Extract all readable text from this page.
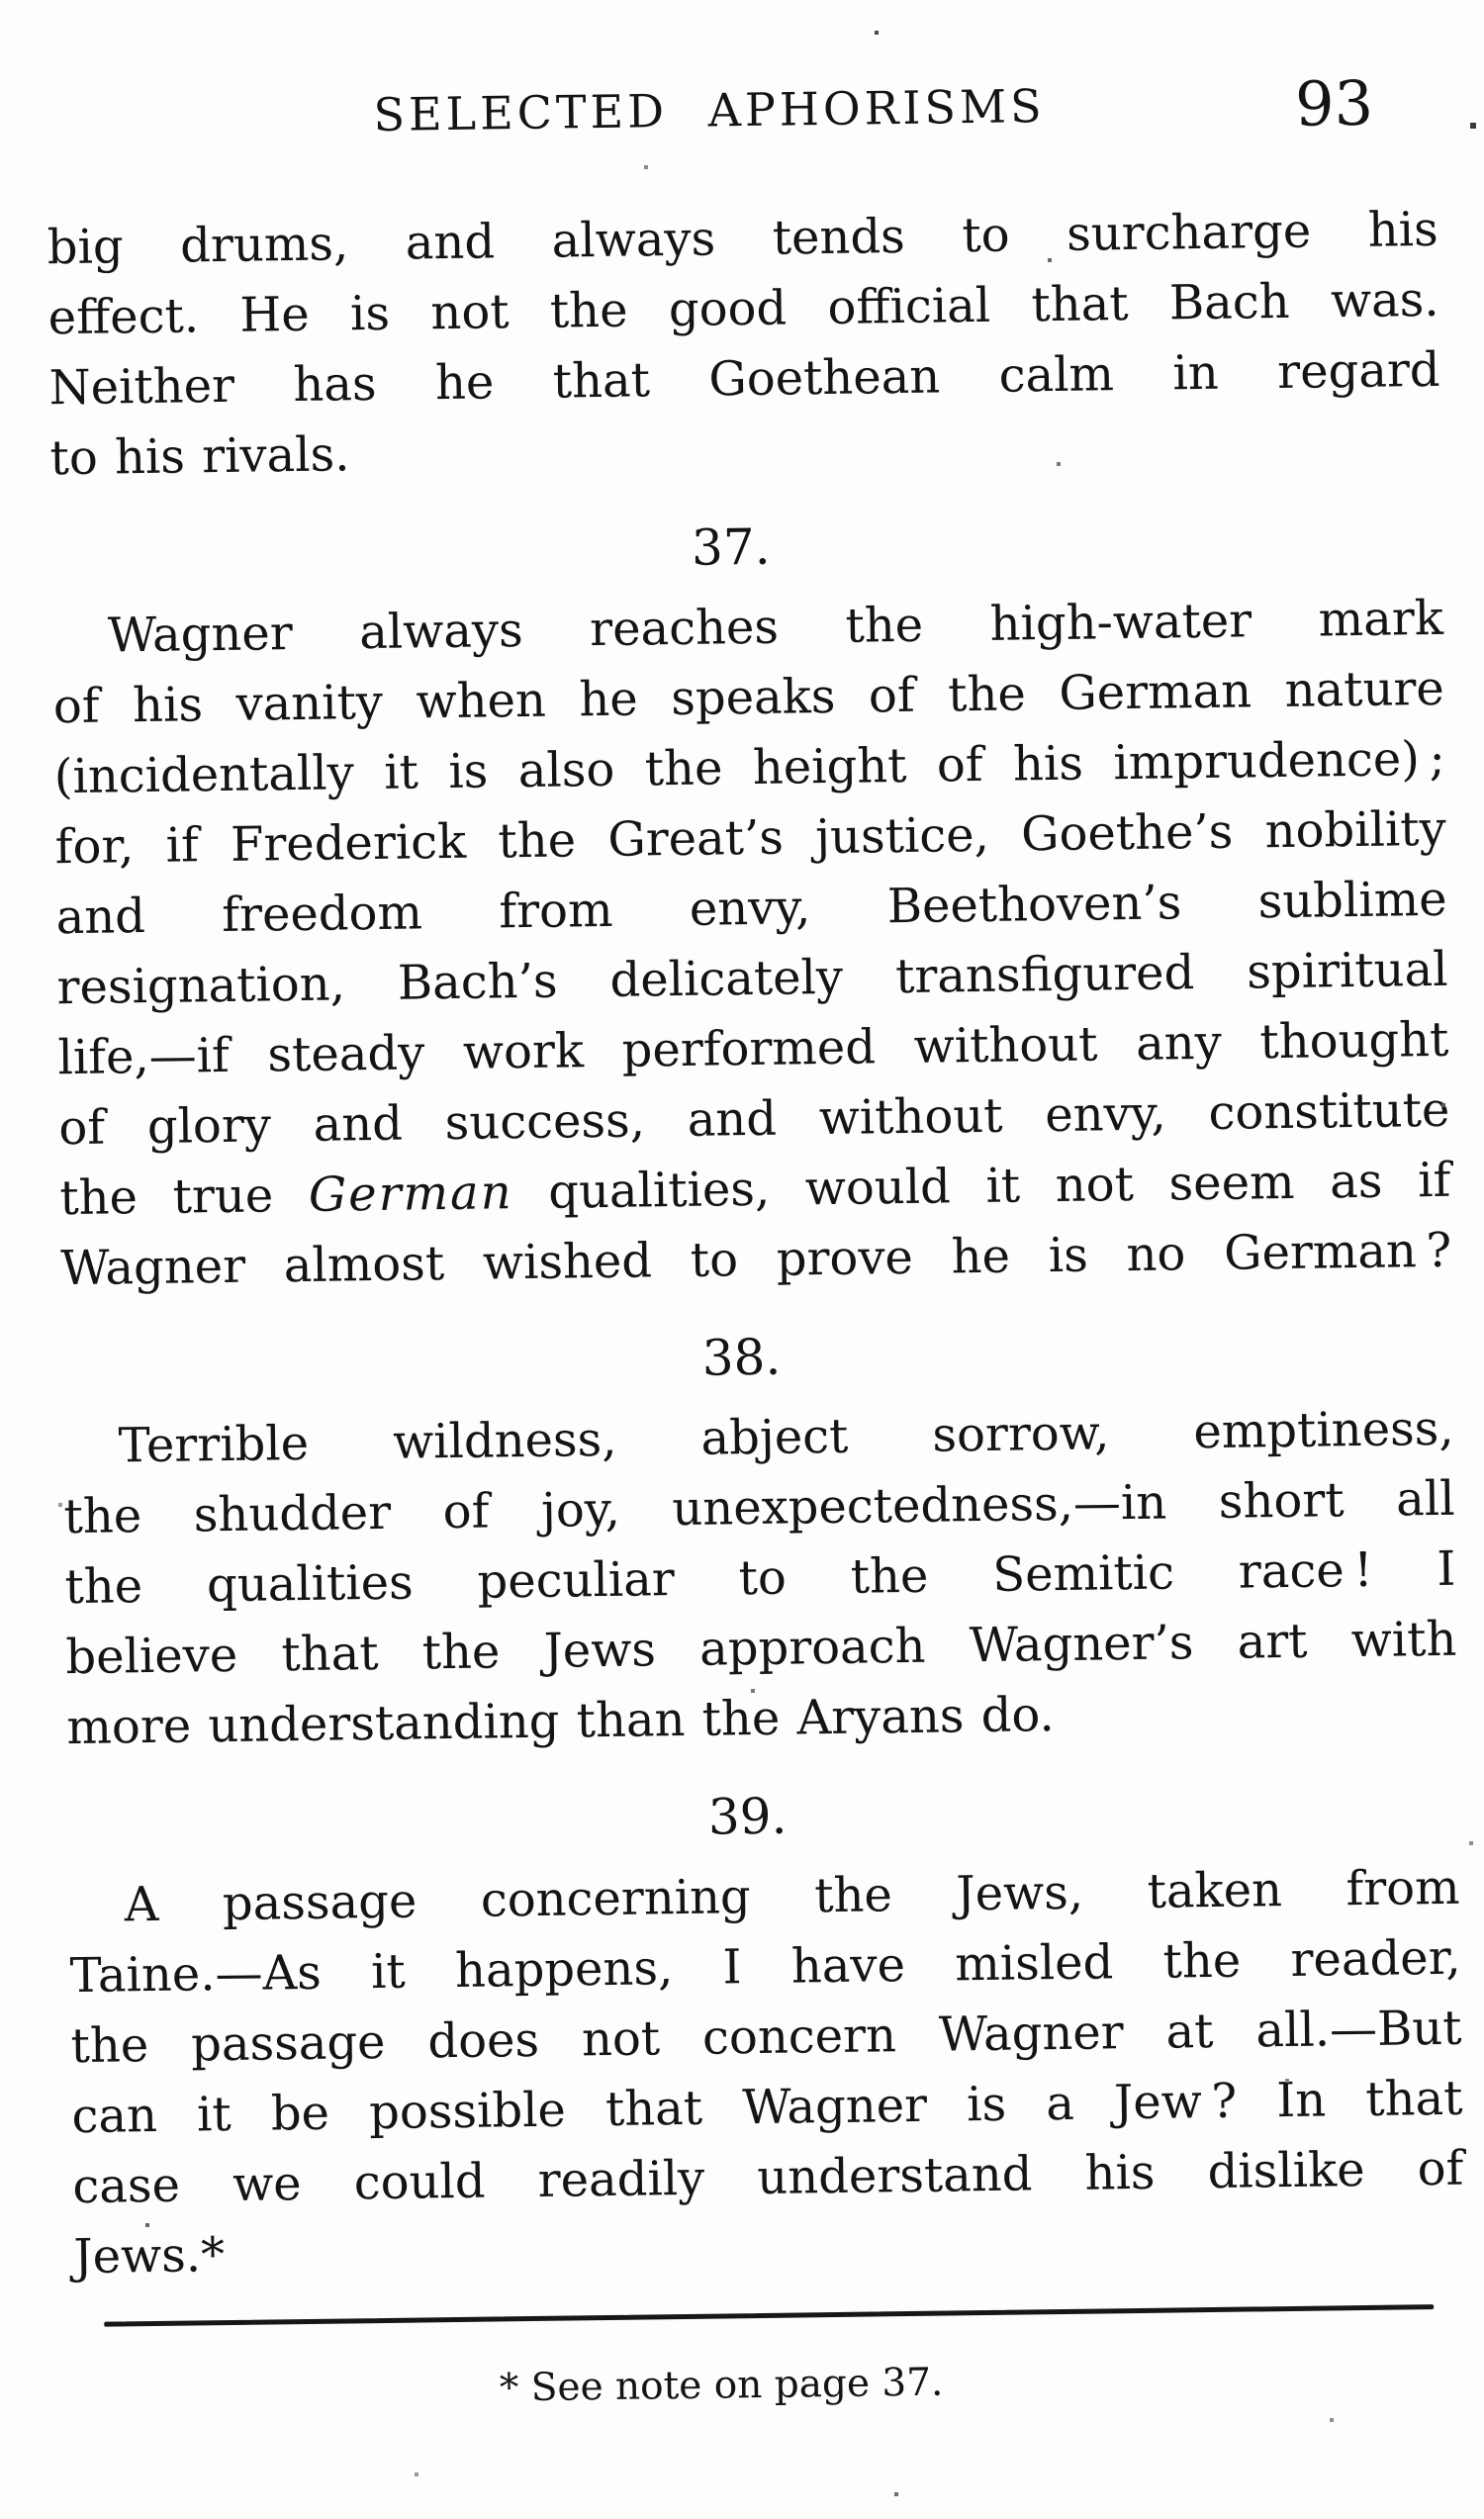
SELECTED APHORISMS	93
big drums, and always tends to surcharge his
effect. He is not the good official that Bach was.
Neither has he that Goethean calm in regard
to his rivals.
37.
Wagner always reaches the high-water mark
of his vanity when he speaks of the German nature
(incidentally it is also the height of his imprudence) ;
for, if Frederick the Great’s justice, Goethe’s nobility
and freedom from envy, Beethoven’s sublime
resignation, Bach’s delicately transfigured spiritual
life,—if steady work performed without any thought
of glory and success, and without envy, constitute
the true German qualities, would it not seem as if
Wagner almost wished to prove he is no German ?
38.
Terrible wildness, abject sorrow, emptiness,
the shudder of joy, unexpectedness,—in short all
the qualities peculiar to the Semitic race ! I
believe that the Jews approach Wagner’s art with
more understanding than the Aryans do.
39.
A passage concerning the Jews, taken from
Taine.—As it happens, I have misled the reader,
the passage does not concern Wagner at all.—But
can it be possible that Wagner is a Jew ? In that
case we could readily understand his dislike of
Jews.*
* See note on page 37.
